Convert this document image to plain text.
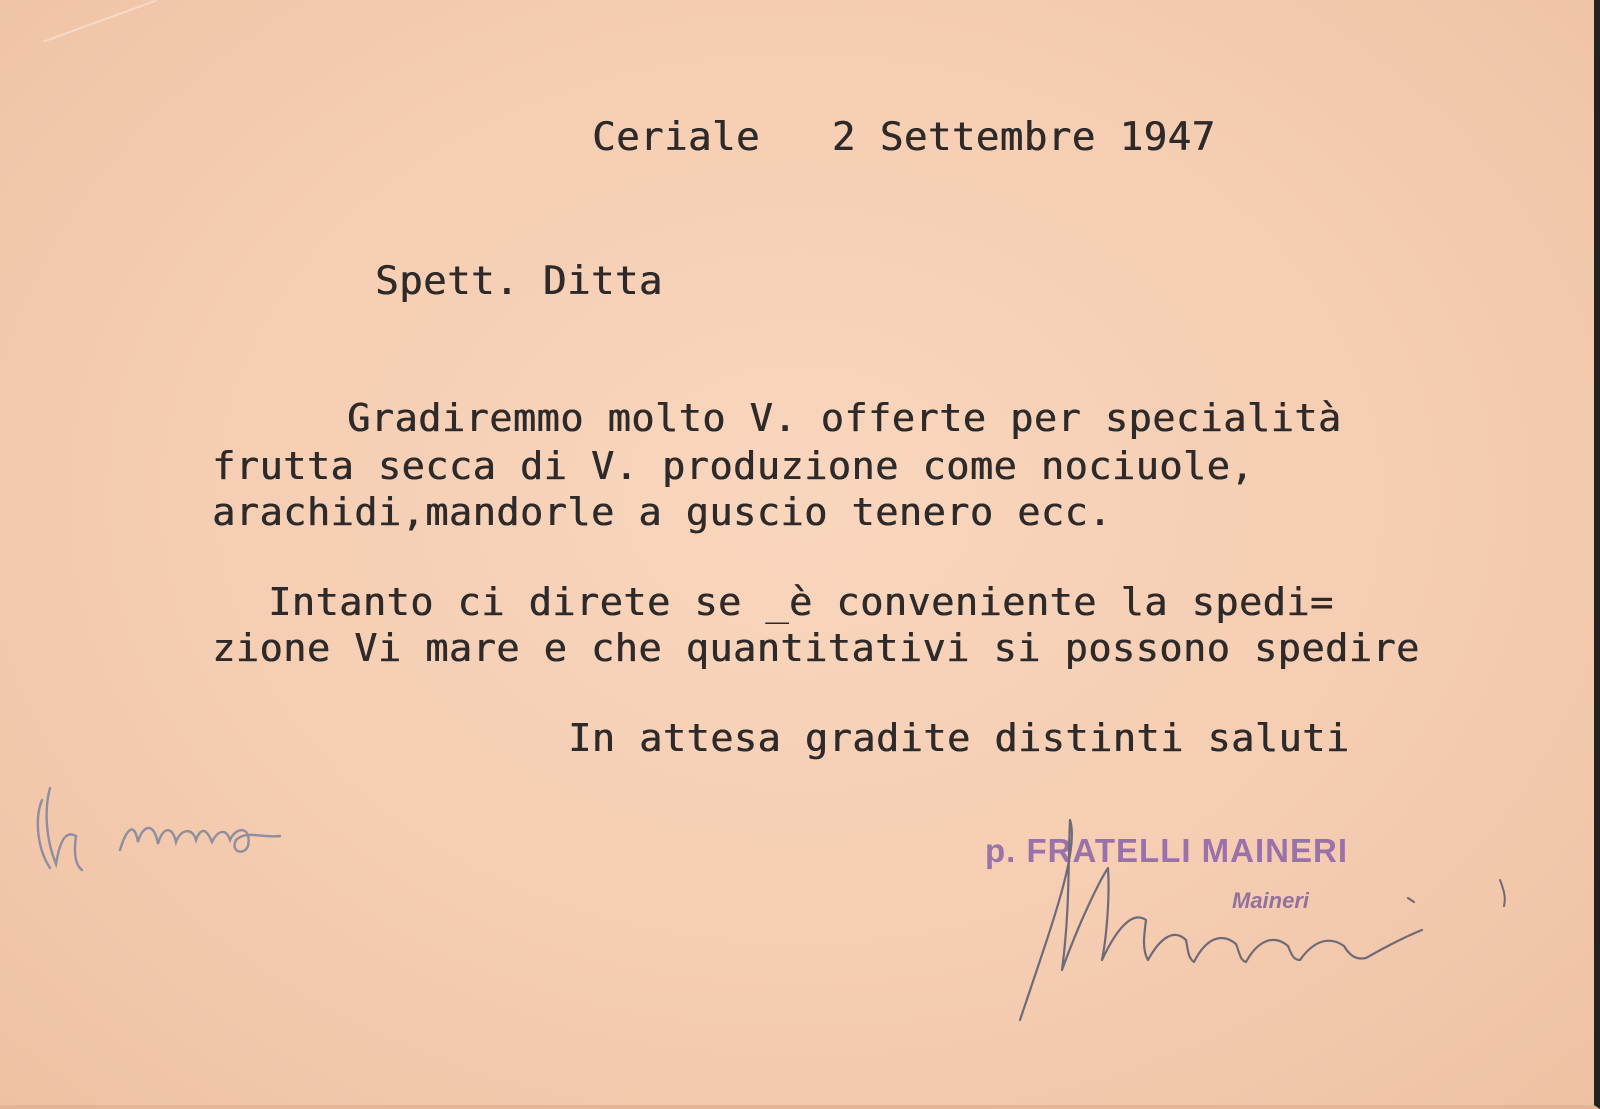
Ceriale   2 Settembre 1947

Spett. Ditta

Gradiremmo molto V. offerte per specialità

frutta secca di V. produzione come nociuole,

arachidi,mandorle a guscio tenero ecc.

Intanto ci direte se _è conveniente la spedi=

zione Vi mare e che quantitativi si possono spedire

In attesa gradite distinti saluti

p. FRATELLI MAINERI
Maineri
